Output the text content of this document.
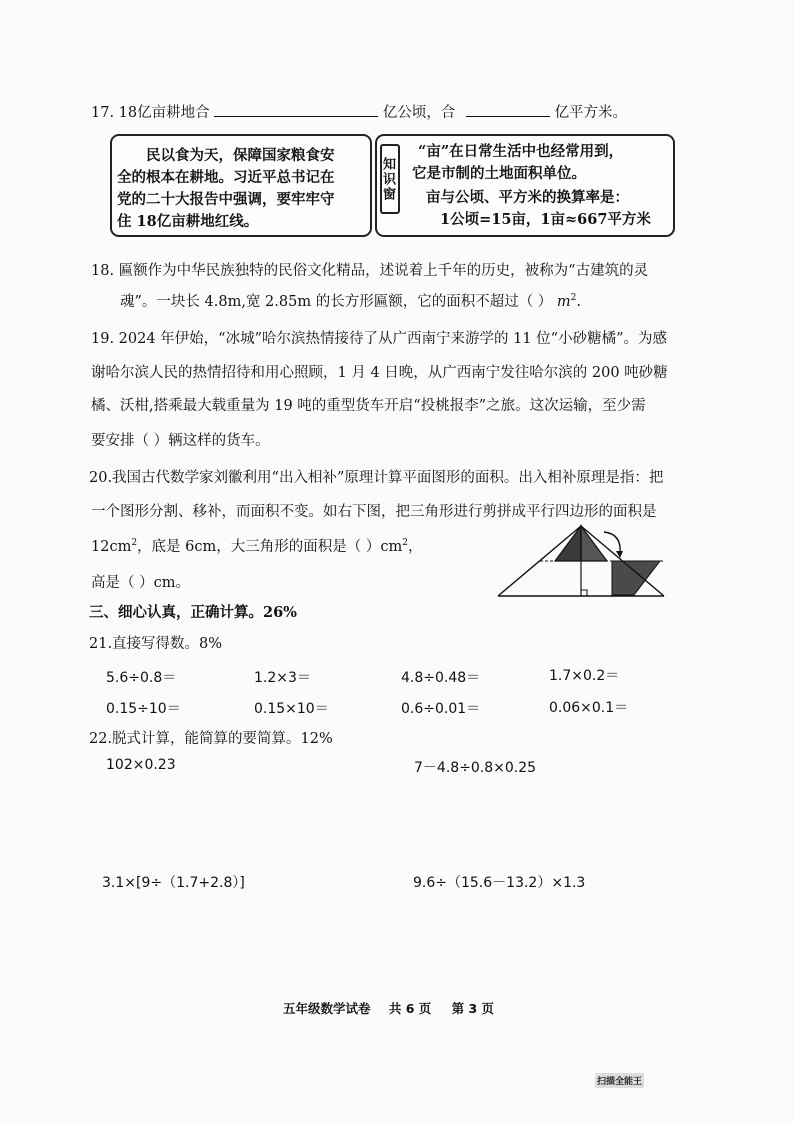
17. 18亿亩耕地合	亿公顷，合	亿平方米。
民以食为天，保障国家粮食安
全的根本在耕地。习近平总书记在
党的二十大报告中强调，要牢牢守
住 18亿亩耕地红线。
知识窗
“亩”在日常生活中也经常用到，
它是市制的土地面积单位。
亩与公顷、平方米的换算率是：
1公顷=15亩，1亩≈667平方米
18. 匾额作为中华民族独特的民俗文化精品，述说着上千年的历史，被称为“古建筑的灵
魂”。一块长 4.8m,宽 2.85m 的长方形匾额，它的面积不超过（ ） $m^2$.
19. 2024 年伊始，“冰城”哈尔滨热情接待了从广西南宁来游学的 11 位“小砂糖橘”。为感
谢哈尔滨人民的热情招待和用心照顾，1 月 4 日晚，从广西南宁发往哈尔滨的 200 吨砂糖
橘、沃柑,搭乘最大载重量为 19 吨的重型货车开启“投桃报李”之旅。这次运输，至少需
要安排（ ）辆这样的货车。
20.我国古代数学家刘徽利用“出入相补”原理计算平面图形的面积。出入相补原理是指：把
一个图形分割、移补，而面积不变。如右下图，把三角形进行剪拼成平行四边形的面积是
$12cm^2$，底是 6cm，大三角形的面积是（ ）$cm^2$，
高是（ ）cm。
三、细心认真，正确计算。26%
21.直接写得数。8%
5.6÷0.8＝	1.2×3＝	4.8÷0.48＝	1.7×0.2＝
0.15÷10＝	0.15×10＝	0.6÷0.01＝	0.06×0.1＝
22.脱式计算，能简算的要简算。12%
102×0.23	7－4.8÷0.8×0.25
3.1×[9÷（1.7+2.8）]	9.6÷（15.6－13.2）×1.3
五年级数学试卷 共 6 页 第 3 页
扫描全能王
